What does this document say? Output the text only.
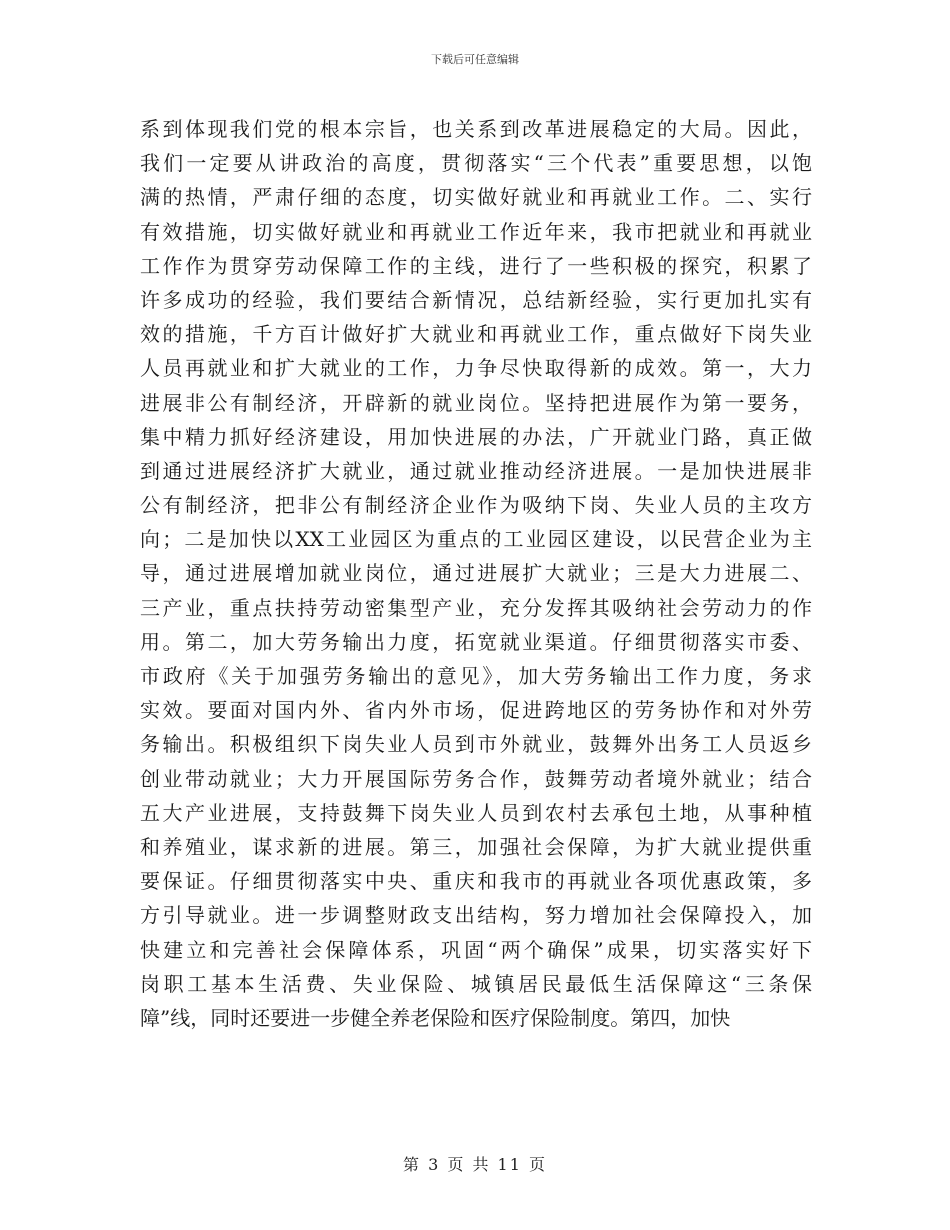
下载后可任意编辑
系到体现我们党的根本宗旨，也关系到改革进展稳定的大局。因此，
我们一定要从讲政治的高度，贯彻落实“三个代表”重要思想，以饱
满的热情，严肃仔细的态度，切实做好就业和再就业工作。二、实行
有效措施，切实做好就业和再就业工作近年来，我市把就业和再就业
工作作为贯穿劳动保障工作的主线，进行了一些积极的探究，积累了
许多成功的经验，我们要结合新情况，总结新经验，实行更加扎实有
效的措施，千方百计做好扩大就业和再就业工作，重点做好下岗失业
人员再就业和扩大就业的工作，力争尽快取得新的成效。第一，大力
进展非公有制经济，开辟新的就业岗位。坚持把进展作为第一要务，
集中精力抓好经济建设，用加快进展的办法，广开就业门路，真正做
到通过进展经济扩大就业，通过就业推动经济进展。一是加快进展非
公有制经济，把非公有制经济企业作为吸纳下岗、失业人员的主攻方
向；二是加快以XX工业园区为重点的工业园区建设，以民营企业为主
导，通过进展增加就业岗位，通过进展扩大就业；三是大力进展二、
三产业，重点扶持劳动密集型产业，充分发挥其吸纳社会劳动力的作
用。第二，加大劳务输出力度，拓宽就业渠道。仔细贯彻落实市委、
市政府《关于加强劳务输出的意见》，加大劳务输出工作力度，务求
实效。要面对国内外、省内外市场，促进跨地区的劳务协作和对外劳
务输出。积极组织下岗失业人员到市外就业，鼓舞外出务工人员返乡
创业带动就业；大力开展国际劳务合作，鼓舞劳动者境外就业；结合
五大产业进展，支持鼓舞下岗失业人员到农村去承包土地，从事种植
和养殖业，谋求新的进展。第三，加强社会保障，为扩大就业提供重
要保证。仔细贯彻落实中央、重庆和我市的再就业各项优惠政策，多
方引导就业。进一步调整财政支出结构，努力增加社会保障投入，加
快建立和完善社会保障体系，巩固“两个确保”成果，切实落实好下
岗职工基本生活费、失业保险、城镇居民最低生活保障这“三条保
障”线，同时还要进一步健全养老保险和医疗保险制度。第四，加快
第 3 页 共 11 页
